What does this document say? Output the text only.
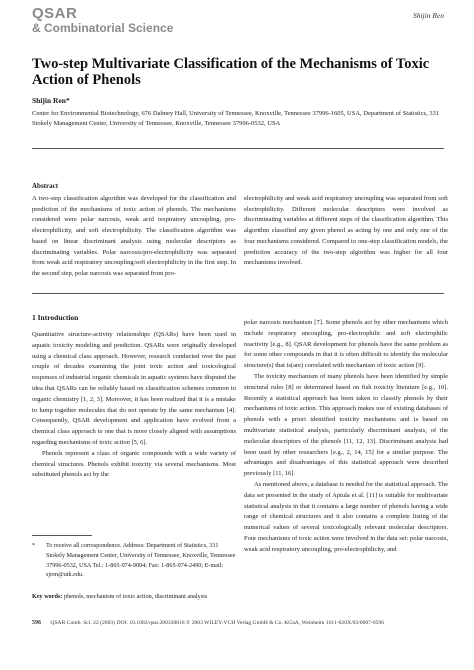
QSAR
& Combinatorial Science
Shijin Ren
Two-step Multivariate Classification of the Mechanisms of Toxic Action of Phenols
Shijin Ren*
Center for Environmental Biotechnology, 676 Dabney Hall, University of Tennessee, Knoxville, Tennessee 37996-1605, USA, Department of Statistics, 331 Stokely Management Center, University of Tennessee, Knoxville, Tennessee 37996-0532, USA
Abstract
A two-step classification algorithm was developed for the classification and prediction of the mechanisms of toxic action of phenols. The mechanisms considered were polar narcosis, weak acid respiratory uncoupling, pro-electrophilicity, and soft electrophilicity. The classification algorithm was based on linear discriminant analysis using molecular descriptors as discriminating variables. Polar narcosis/pro-electrophilicity was separated from weak acid respiratory uncoupling/soft electrophilicity in the first step. In the second step, polar narcosis was separated from pro-
electrophilicity and weak acid respiratory uncoupling was separated from soft electrophilicity. Different molecular descriptors were involved as discriminating variables at different steps of the classification algorithm. This algorithm classified any given phenol as acting by one and only one of the four mechanisms considered. Compared to one-step classification models, the prediction accuracy of the two-step algorithm was higher for all four mechanisms involved.
1 Introduction

Quantitative structure-activity relationships (QSARs) have been used in aquatic toxicity modeling and prediction. QSARs were originally developed using a chemical class approach. However, research conducted over the past couple of decades examining the joint toxic action and toxicological responses of industrial organic chemicals in aquatic systems have disputed the idea that QSARs can be reliably based on classification schemes common to organic chemistry [1, 2, 3]. Moreover, it has been realized that it is a mistake to lump together molecules that do not operate by the same mechanism [4]. Consequently, QSAR development and application have evolved from a chemical class approach to one that is more closely aligned with assumptions regarding mechanisms of toxic action [5, 6].

Phenols represent a class of organic compounds with a wide variety of chemical structures. Phenols exhibit toxicity via several mechanisms. Most substituted phenols act by the

polar narcosis mechanism [7]. Some phenols act by other mechanisms which include respiratory uncoupling, pro-electrophilic and soft electrophilic reactivity [e.g., 8]. QSAR development for phenols have the same problem as for some other compounds in that it is often difficult to identify the molecular structure(s) that is(are) correlated with mechanism of toxic action [9].

The toxicity mechanism of many phenols have been identified by simple structural rules [8] or determined based on fish toxicity literature [e.g., 10]. Recently a statistical approach has been taken to classify phenols by their mechanisms of toxic action. This approach makes use of existing databases of phenols with a priori identified toxicity mechanisms and is based on multivariate statistical analysis, particularly discriminant analysis, of the molecular descriptors of the phenols [11, 12, 13]. Discriminant analysis had been used by other researchers [e.g., 2, 14, 15] for a similar purpose. The advantages and disadvantages of this statistical approach were described previously [11, 16].

As mentioned above, a database is needed for the statistical approach. The data set presented in the study of Aptula et al. [11] is suitable for multivariate statistical analysis in that it contains a large number of phenols having a wide range of chemical structures and it also contains a complete listing of the numerical values of several toxicologically relevant molecular descriptors. Four mechanisms of toxic action were involved in the data set: polar narcosis, weak acid respiratory uncoupling, pro-electrophilicity, and

* To receive all correspondence. Address: Department of Statistics, 331 Stokely Management Center, University of Tennessee, Knoxville, Tennessee 37996-0532, USA Tel.: 1-865-974-9004; Fax: 1-865-974-2490; E-mail: sjren@utk.edu.
Key words: phenols, mechanism of toxic action, discriminant analysis
596 QSAR Comb. Sci. 22 (2003) DOI: 10.1002/qsar.200330818 © 2003 WILEY-VCH Verlag GmbH & Co. KGaA, Weinheim 1611-020X/03/0607-0596
